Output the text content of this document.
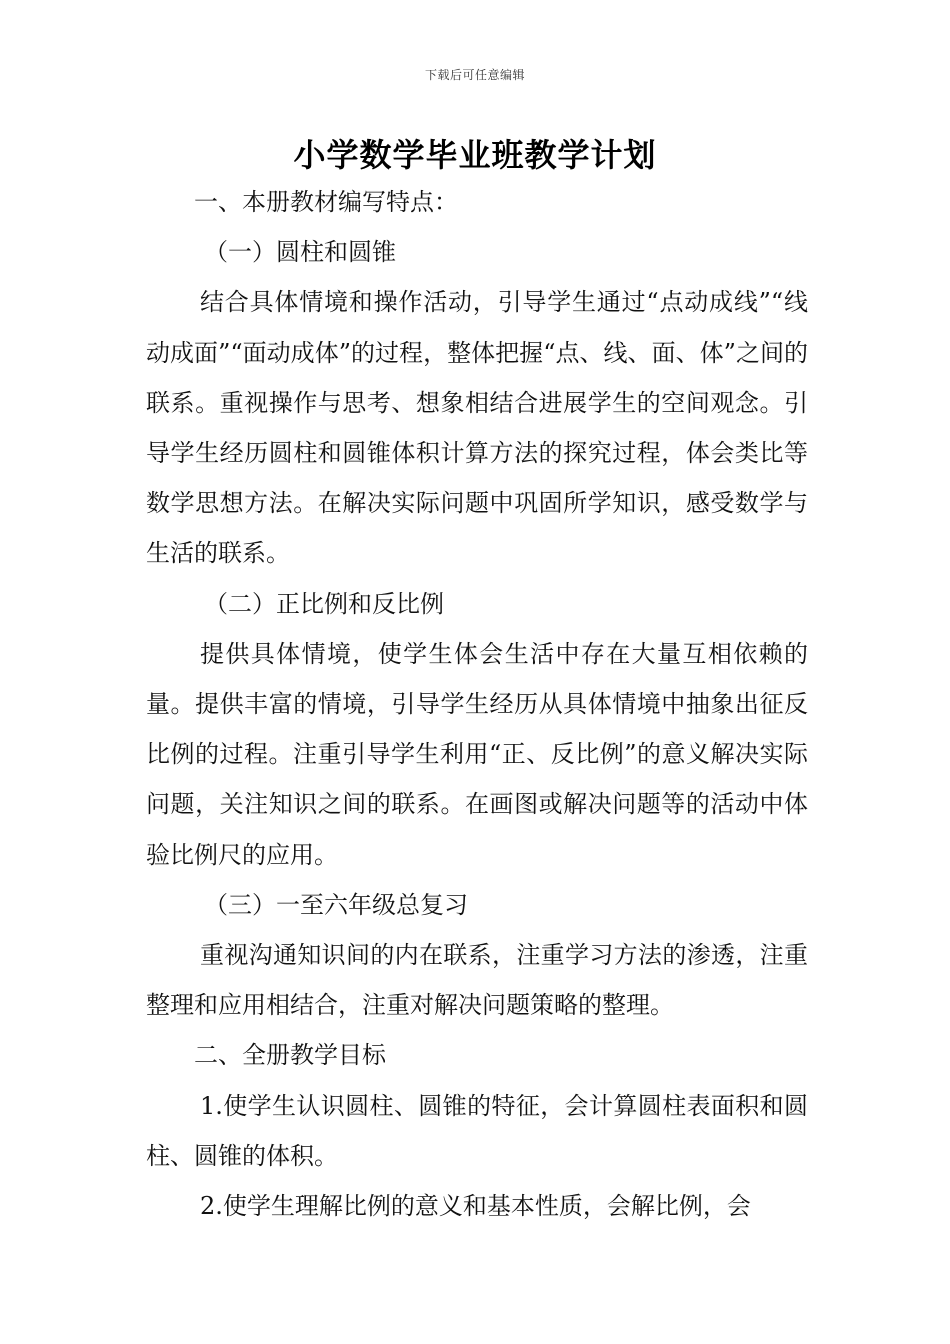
下载后可任意编辑
小学数学毕业班教学计划

一、本册教材编写特点：

（一）圆柱和圆锥

结合具体情境和操作活动，引导学生通过“点动成线”“线动成面”“面动成体”的过程，整体把握“点、线、面、体”之间的联系。重视操作与思考、想象相结合进展学生的空间观念。引导学生经历圆柱和圆锥体积计算方法的探究过程，体会类比等数学思想方法。在解决实际问题中巩固所学知识，感受数学与生活的联系。

（二）正比例和反比例

提供具体情境，使学生体会生活中存在大量互相依赖的量。提供丰富的情境，引导学生经历从具体情境中抽象出征反比例的过程。注重引导学生利用“正、反比例”的意义解决实际问题，关注知识之间的联系。在画图或解决问题等的活动中体验比例尺的应用。

（三）一至六年级总复习

重视沟通知识间的内在联系，注重学习方法的渗透，注重整理和应用相结合，注重对解决问题策略的整理。

二、全册教学目标

1.使学生认识圆柱、圆锥的特征，会计算圆柱表面积和圆柱、圆锥的体积。

2.使学生理解比例的意义和基本性质，会解比例，会
